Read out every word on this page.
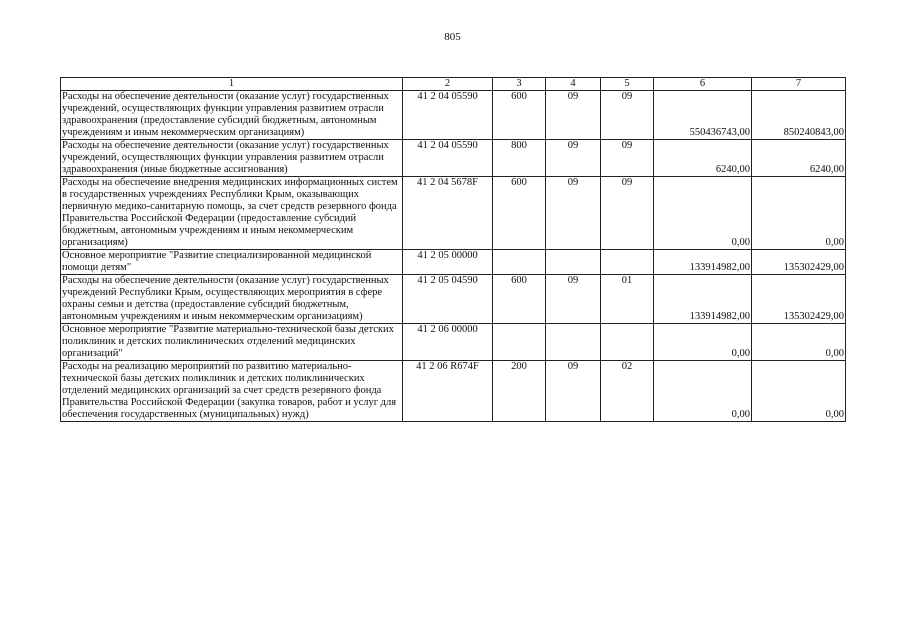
805
1	2	3	4	5	6	7
Расходы на обеспечение деятельности (оказание услуг) государственных учреждений, осуществляющих функции управления развитием отрасли здравоохранения (предоставление субсидий бюджетным, автономным учреждениям и иным некоммерческим организациям)	41 2 04 05590	600	09	09	550436743,00	850240843,00
Расходы на обеспечение деятельности (оказание услуг) государственных учреждений, осуществляющих функции управления развитием отрасли здравоохранения (иные бюджетные ассигнования)	41 2 04 05590	800	09	09	6240,00	6240,00
Расходы на обеспечение внедрения медицинских информационных систем в государственных учреждениях Республики Крым, оказывающих первичную медико-санитарную помощь, за счет средств резервного фонда Правительства Российской Федерации (предоставление субсидий бюджетным, автономным учреждениям и иным некоммерческим организациям)	41 2 04 5678F	600	09	09	0,00	0,00
Основное мероприятие "Развитие специализированной медицинской помощи детям"	41 2 05 00000				133914982,00	135302429,00
Расходы на обеспечение деятельности (оказание услуг) государственных учреждений Республики Крым, осуществляющих мероприятия в сфере охраны семьи и детства (предоставление субсидий бюджетным, автономным учреждениям и иным некоммерческим организациям)	41 2 05 04590	600	09	01	133914982,00	135302429,00
Основное мероприятие "Развитие материально-технической базы детских поликлиник и детских поликлинических отделений медицинских организаций"	41 2 06 00000				0,00	0,00
Расходы на реализацию мероприятий по развитию материально-технической базы детских поликлиник и детских поликлинических отделений медицинских организаций за счет средств резервного фонда Правительства Российской Федерации (закупка товаров, работ и услуг для обеспечения государственных (муниципальных) нужд)	41 2 06 R674F	200	09	02	0,00	0,00
